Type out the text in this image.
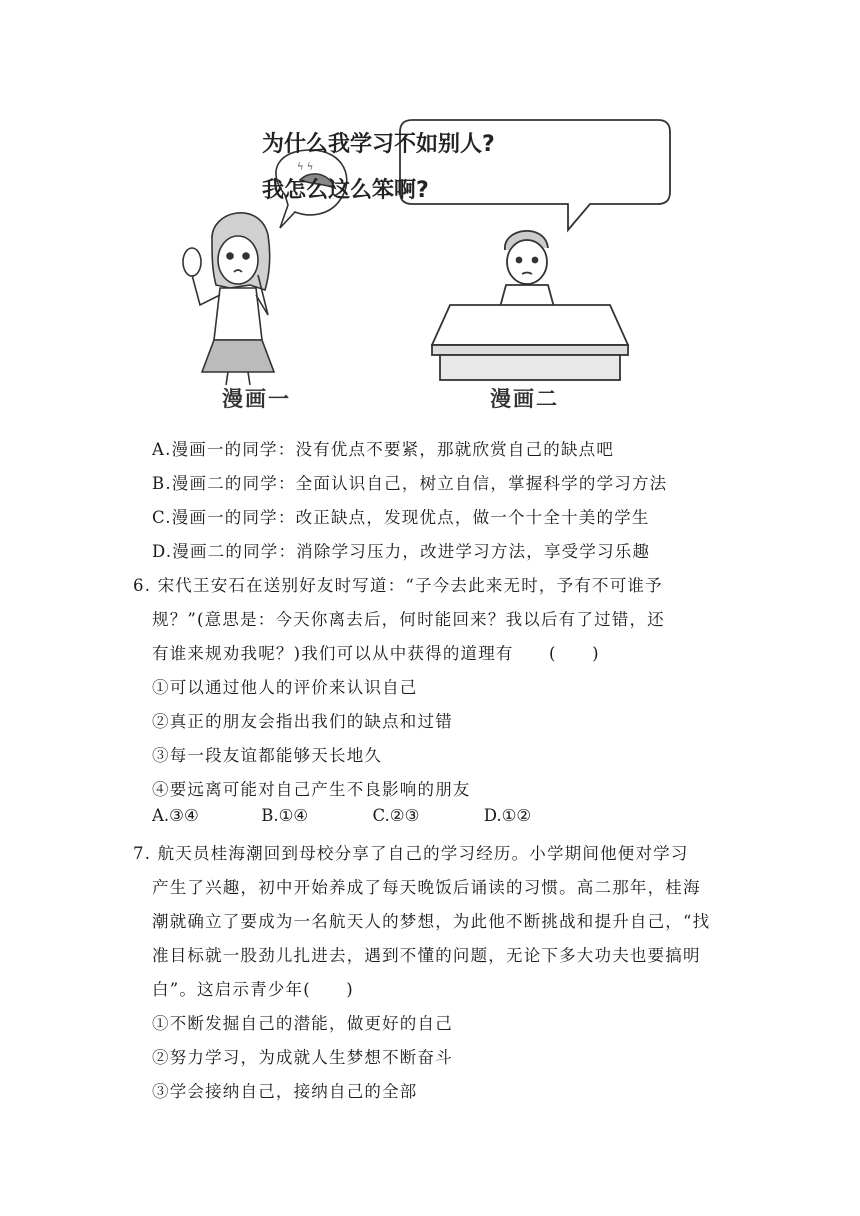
ϟ ϟ
为什么我学习不如别人?
我怎么这么笨啊?
漫画一	漫画二
A.漫画一的同学：没有优点不要紧，那就欣赏自己的缺点吧
B.漫画二的同学：全面认识自己，树立自信，掌握科学的学习方法
C.漫画一的同学：改正缺点，发现优点，做一个十全十美的学生
D.漫画二的同学：消除学习压力，改进学习方法，享受学习乐趣
6. 宋代王安石在送别好友时写道：“子今去此来无时，予有不可谁予
规？”(意思是：今天你离去后，何时能回来？我以后有了过错，还
有谁来规劝我呢？)我们可以从中获得的道理有　　(　　)
①可以通过他人的评价来认识自己
②真正的朋友会指出我们的缺点和过错
③每一段友谊都能够天长地久
④要远离可能对自己产生不良影响的朋友
A.③④	B.①④	C.②③	D.①②
7. 航天员桂海潮回到母校分享了自己的学习经历。小学期间他便对学习
产生了兴趣，初中开始养成了每天晚饭后诵读的习惯。高二那年，桂海
潮就确立了要成为一名航天人的梦想，为此他不断挑战和提升自己，“找
准目标就一股劲儿扎进去，遇到不懂的问题，无论下多大功夫也要搞明
白”。这启示青少年(　　)
①不断发掘自己的潜能，做更好的自己
②努力学习，为成就人生梦想不断奋斗
③学会接纳自己，接纳自己的全部
